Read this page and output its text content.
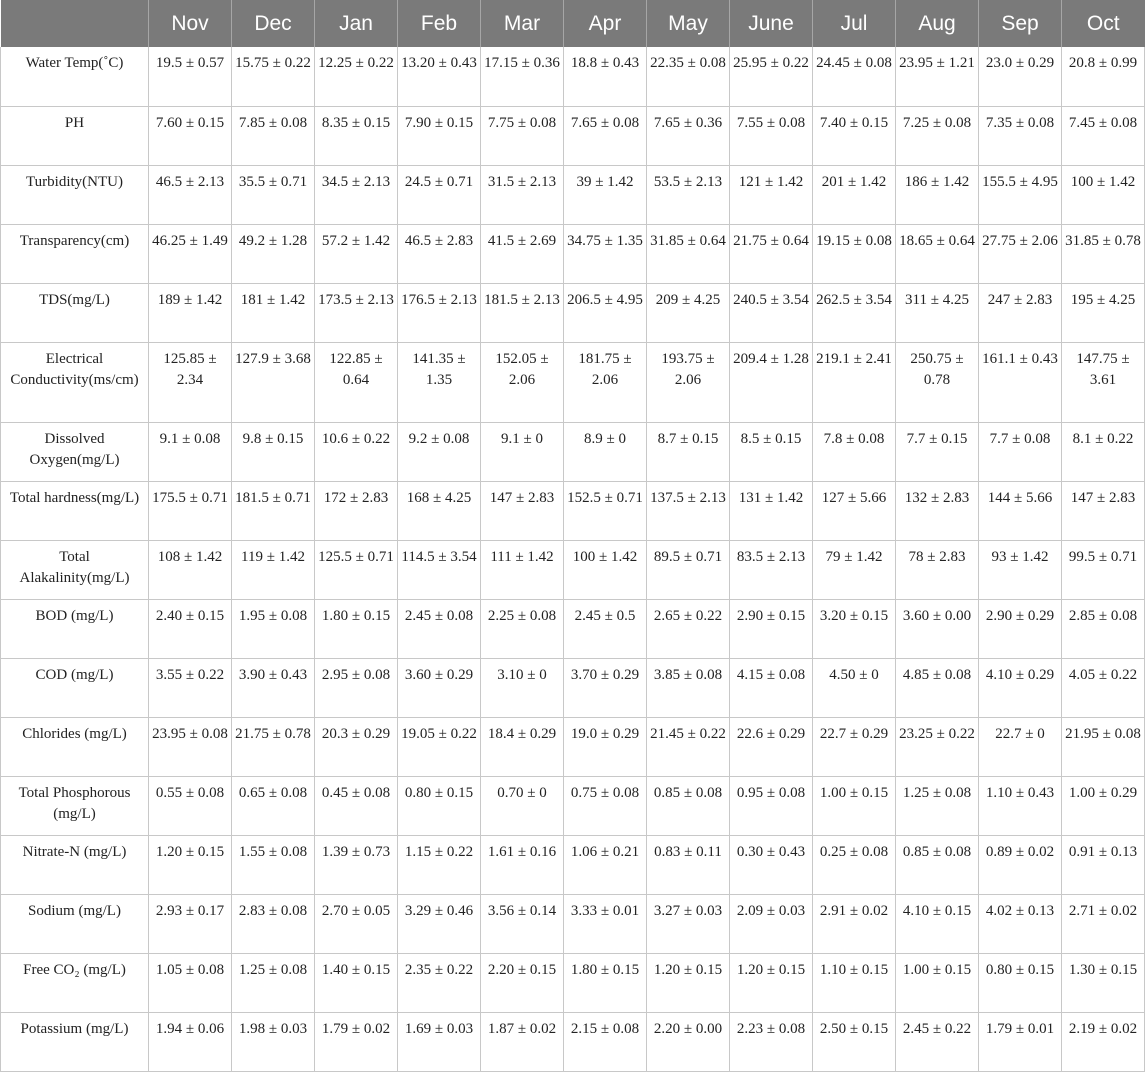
	Nov	Dec	Jan	Feb	Mar	Apr	May	June	Jul	Aug	Sep	Oct
Water Temp(˚C)	19.5 ± 0.57	15.75 ± 0.22	12.25 ± 0.22	13.20 ± 0.43	17.15 ± 0.36	18.8 ± 0.43	22.35 ± 0.08	25.95 ± 0.22	24.45 ± 0.08	23.95 ± 1.21	23.0 ± 0.29	20.8 ± 0.99
PH	7.60 ± 0.15	7.85 ± 0.08	8.35 ± 0.15	7.90 ± 0.15	7.75 ± 0.08	7.65 ± 0.08	7.65 ± 0.36	7.55 ± 0.08	7.40 ± 0.15	7.25 ± 0.08	7.35 ± 0.08	7.45 ± 0.08
Turbidity(NTU)	46.5 ± 2.13	35.5 ± 0.71	34.5 ± 2.13	24.5 ± 0.71	31.5 ± 2.13	39 ± 1.42	53.5 ± 2.13	121 ± 1.42	201 ± 1.42	186 ± 1.42	155.5 ± 4.95	100 ± 1.42
Transparency(cm)	46.25 ± 1.49	49.2 ± 1.28	57.2 ± 1.42	46.5 ± 2.83	41.5 ± 2.69	34.75 ± 1.35	31.85 ± 0.64	21.75 ± 0.64	19.15 ± 0.08	18.65 ± 0.64	27.75 ± 2.06	31.85 ± 0.78
TDS(mg/L)	189 ± 1.42	181 ± 1.42	173.5 ± 2.13	176.5 ± 2.13	181.5 ± 2.13	206.5 ± 4.95	209 ± 4.25	240.5 ± 3.54	262.5 ± 3.54	311 ± 4.25	247 ± 2.83	195 ± 4.25
Electrical Conductivity(ms/cm)	125.85 ± 2.34	127.9 ± 3.68	122.85 ± 0.64	141.35 ± 1.35	152.05 ± 2.06	181.75 ± 2.06	193.75 ± 2.06	209.4 ± 1.28	219.1 ± 2.41	250.75 ± 0.78	161.1 ± 0.43	147.75 ± 3.61
Dissolved Oxygen(mg/L)	9.1 ± 0.08	9.8 ± 0.15	10.6 ± 0.22	9.2 ± 0.08	9.1 ± 0	8.9 ± 0	8.7 ± 0.15	8.5 ± 0.15	7.8 ± 0.08	7.7 ± 0.15	7.7 ± 0.08	8.1 ± 0.22
Total hardness(mg/L)	175.5 ± 0.71	181.5 ± 0.71	172 ± 2.83	168 ± 4.25	147 ± 2.83	152.5 ± 0.71	137.5 ± 2.13	131 ± 1.42	127 ± 5.66	132 ± 2.83	144 ± 5.66	147 ± 2.83
Total Alakalinity(mg/L)	108 ± 1.42	119 ± 1.42	125.5 ± 0.71	114.5 ± 3.54	111 ± 1.42	100 ± 1.42	89.5 ± 0.71	83.5 ± 2.13	79 ± 1.42	78 ± 2.83	93 ± 1.42	99.5 ± 0.71
BOD (mg/L)	2.40 ± 0.15	1.95 ± 0.08	1.80 ± 0.15	2.45 ± 0.08	2.25 ± 0.08	2.45 ± 0.5	2.65 ± 0.22	2.90 ± 0.15	3.20 ± 0.15	3.60 ± 0.00	2.90 ± 0.29	2.85 ± 0.08
COD (mg/L)	3.55 ± 0.22	3.90 ± 0.43	2.95 ± 0.08	3.60 ± 0.29	3.10 ± 0	3.70 ± 0.29	3.85 ± 0.08	4.15 ± 0.08	4.50 ± 0	4.85 ± 0.08	4.10 ± 0.29	4.05 ± 0.22
Chlorides (mg/L)	23.95 ± 0.08	21.75 ± 0.78	20.3 ± 0.29	19.05 ± 0.22	18.4 ± 0.29	19.0 ± 0.29	21.45 ± 0.22	22.6 ± 0.29	22.7 ± 0.29	23.25 ± 0.22	22.7 ± 0	21.95 ± 0.08
Total Phosphorous (mg/L)	0.55 ± 0.08	0.65 ± 0.08	0.45 ± 0.08	0.80 ± 0.15	0.70 ± 0	0.75 ± 0.08	0.85 ± 0.08	0.95 ± 0.08	1.00 ± 0.15	1.25 ± 0.08	1.10 ± 0.43	1.00 ± 0.29
Nitrate-N (mg/L)	1.20 ± 0.15	1.55 ± 0.08	1.39 ± 0.73	1.15 ± 0.22	1.61 ± 0.16	1.06 ± 0.21	0.83 ± 0.11	0.30 ± 0.43	0.25 ± 0.08	0.85 ± 0.08	0.89 ± 0.02	0.91 ± 0.13
Sodium (mg/L)	2.93 ± 0.17	2.83 ± 0.08	2.70 ± 0.05	3.29 ± 0.46	3.56 ± 0.14	3.33 ± 0.01	3.27 ± 0.03	2.09 ± 0.03	2.91 ± 0.02	4.10 ± 0.15	4.02 ± 0.13	2.71 ± 0.02
Free CO₂ (mg/L)	1.05 ± 0.08	1.25 ± 0.08	1.40 ± 0.15	2.35 ± 0.22	2.20 ± 0.15	1.80 ± 0.15	1.20 ± 0.15	1.20 ± 0.15	1.10 ± 0.15	1.00 ± 0.15	0.80 ± 0.15	1.30 ± 0.15
Potassium (mg/L)	1.94 ± 0.06	1.98 ± 0.03	1.79 ± 0.02	1.69 ± 0.03	1.87 ± 0.02	2.15 ± 0.08	2.20 ± 0.00	2.23 ± 0.08	2.50 ± 0.15	2.45 ± 0.22	1.79 ± 0.01	2.19 ± 0.02
